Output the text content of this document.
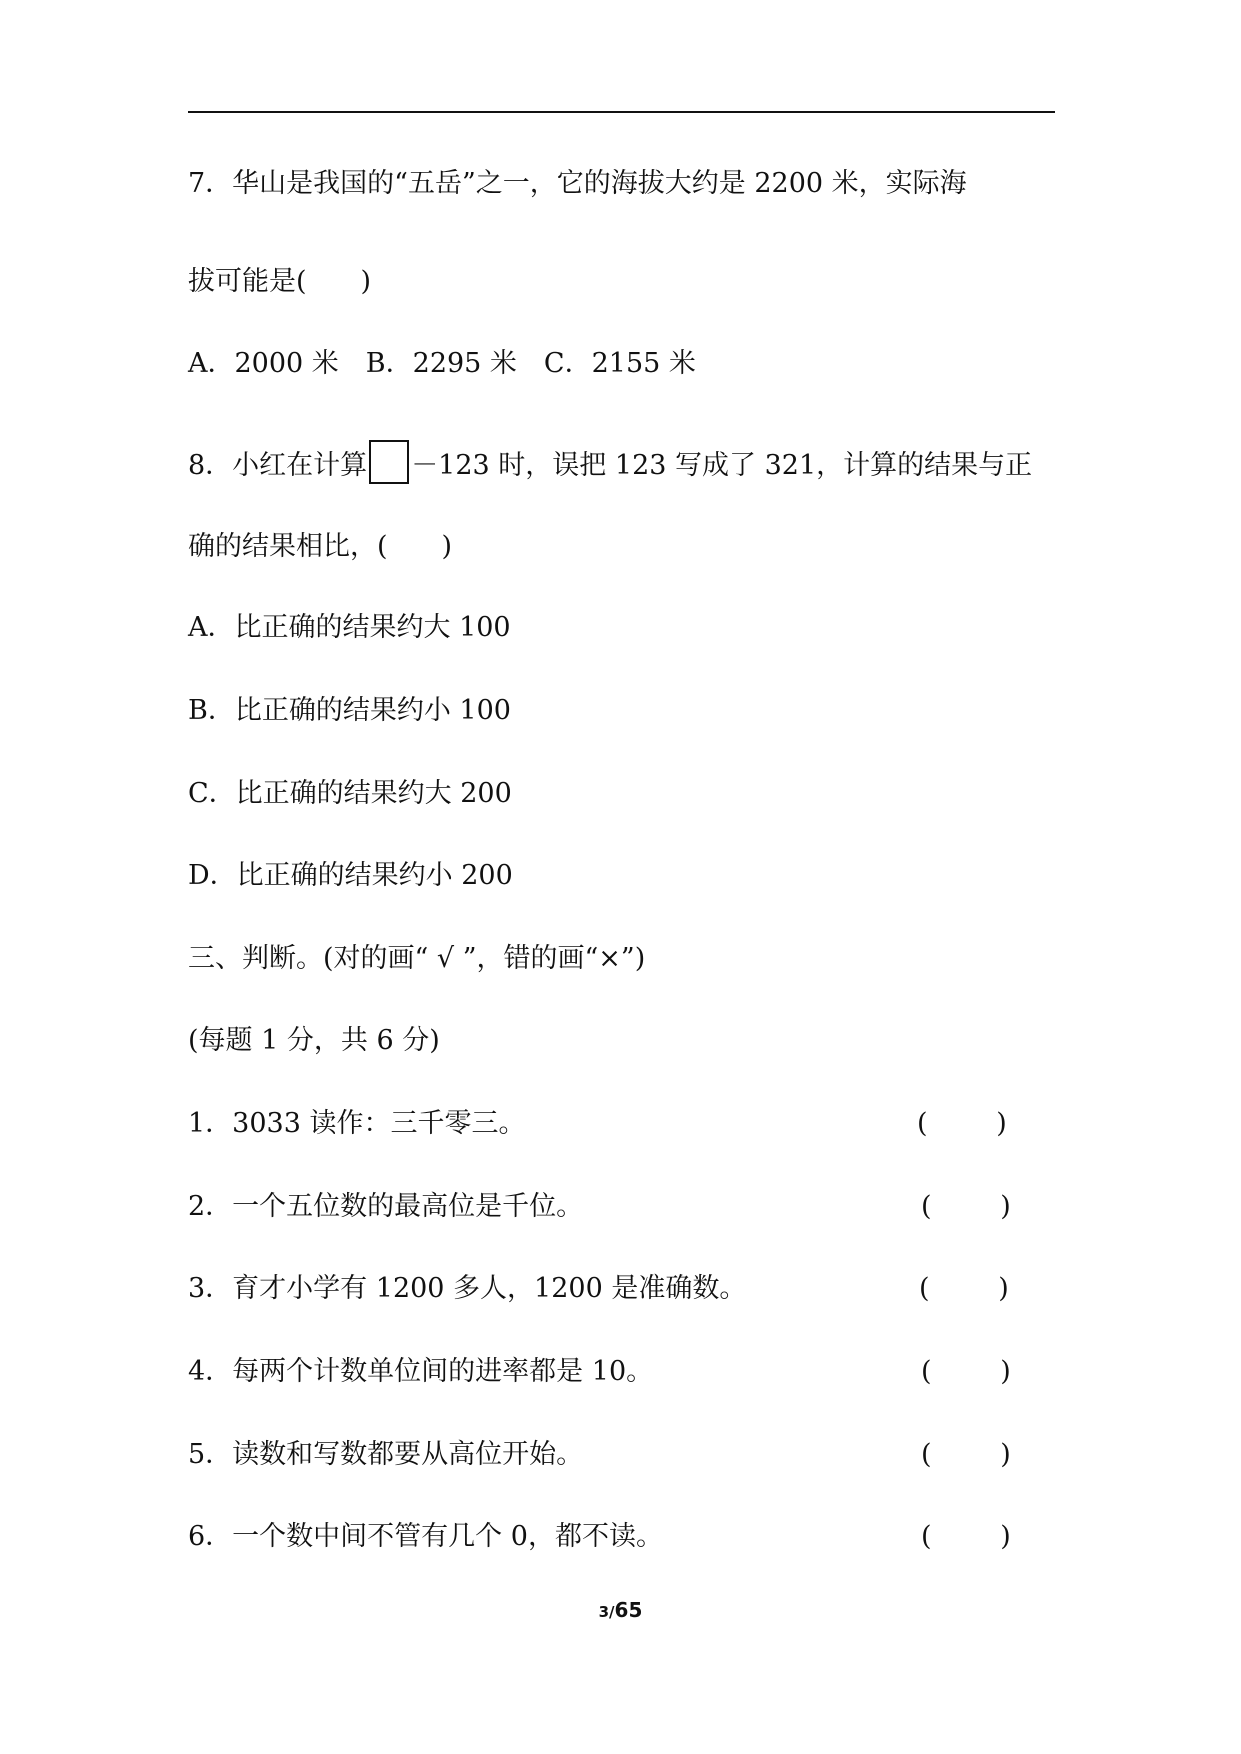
7．华山是我国的“五岳”之一，它的海拔大约是 2200 米，实际海
拔可能是(　　)
A．2000 米　B．2295 米　C．2155 米
8．小红在计算 －123 时，误把 123 写成了 321，计算的结果与正
确的结果相比，(　　)
A．比正确的结果约大 100
B．比正确的结果约小 100
C．比正确的结果约大 200
D．比正确的结果约小 200
三、判断。(对的画“ √ ”，错的画“×”)
(每题 1 分，共 6 分)
1．3033 读作：三千零三。	(        )
2．一个五位数的最高位是千位。	(        )
3．育才小学有 1200 多人，1200 是准确数。	(        )
4．每两个计数单位间的进率都是 10。	(        )
5．读数和写数都要从高位开始。	(        )
6．一个数中间不管有几个 0，都不读。	(        )
3/65
